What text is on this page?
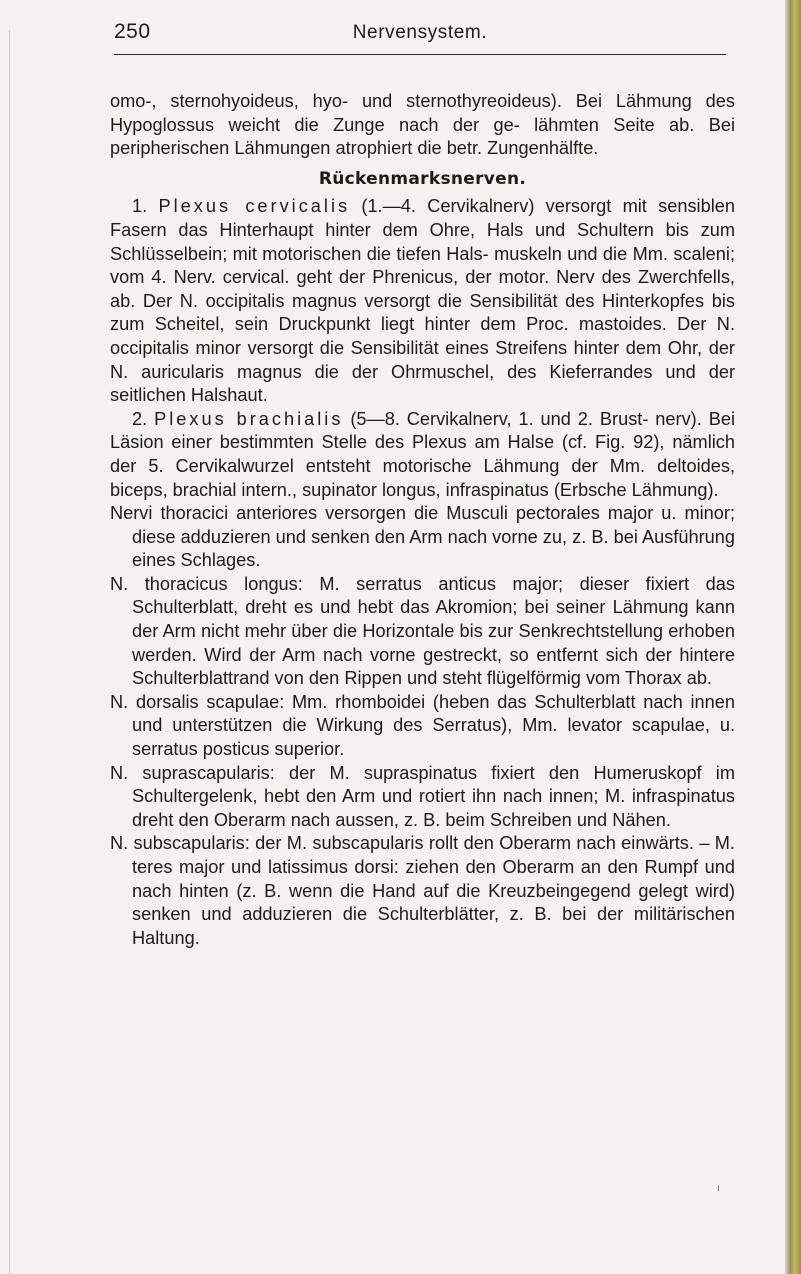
250	Nervensystem.

omo-, sternohyoideus, hyo- und sternothyreoideus). Bei Lähmung des Hypoglossus weicht die Zunge nach der ge- lähmten Seite ab. Bei peripherischen Lähmungen atrophiert die betr. Zungenhälfte.

Rückenmarksnerven.

1. Plexus cervicalis (1.—4. Cervikalnerv) versorgt mit sensiblen Fasern das Hinterhaupt hinter dem Ohre, Hals und Schultern bis zum Schlüsselbein; mit motorischen die tiefen Hals- muskeln und die Mm. scaleni; vom 4. Nerv. cervical. geht der Phrenicus, der motor. Nerv des Zwerchfells, ab. Der N. occipitalis magnus versorgt die Sensibilität des Hinterkopfes bis zum Scheitel, sein Druckpunkt liegt hinter dem Proc. mastoides. Der N. occipitalis minor versorgt die Sensibilität eines Streifens hinter dem Ohr, der N. auricularis magnus die der Ohrmuschel, des Kieferrandes und der seitlichen Halshaut.

2. Plexus brachialis (5—8. Cervikalnerv, 1. und 2. Brust- nerv). Bei Läsion einer bestimmten Stelle des Plexus am Halse (cf. Fig. 92), nämlich der 5. Cervikalwurzel entsteht motorische Lähmung der Mm. deltoides, biceps, brachial intern., supinator longus, infraspinatus (Erbsche Lähmung).

Nervi thoracici anteriores versorgen die Musculi pectorales major u. minor; diese adduzieren und senken den Arm nach vorne zu, z. B. bei Ausführung eines Schlages.

N. thoracicus longus: M. serratus anticus major; dieser fixiert das Schulterblatt, dreht es und hebt das Akromion; bei seiner Lähmung kann der Arm nicht mehr über die Horizontale bis zur Senkrechtstellung erhoben werden. Wird der Arm nach vorne gestreckt, so entfernt sich der hintere Schulterblattrand von den Rippen und steht flügelförmig vom Thorax ab.

N. dorsalis scapulae: Mm. rhomboidei (heben das Schulterblatt nach innen und unterstützen die Wirkung des Serratus), Mm. levator scapulae, u. serratus posticus superior.

N. suprascapularis: der M. supraspinatus fixiert den Humeruskopf im Schultergelenk, hebt den Arm und rotiert ihn nach innen; M. infraspinatus dreht den Oberarm nach aussen, z. B. beim Schreiben und Nähen.

N. subscapularis: der M. subscapularis rollt den Oberarm nach einwärts. – M. teres major und latissimus dorsi: ziehen den Oberarm an den Rumpf und nach hinten (z. B. wenn die Hand auf die Kreuzbeingegend gelegt wird) senken und adduzieren die Schulterblätter, z. B. bei der militärischen Haltung.

ı
